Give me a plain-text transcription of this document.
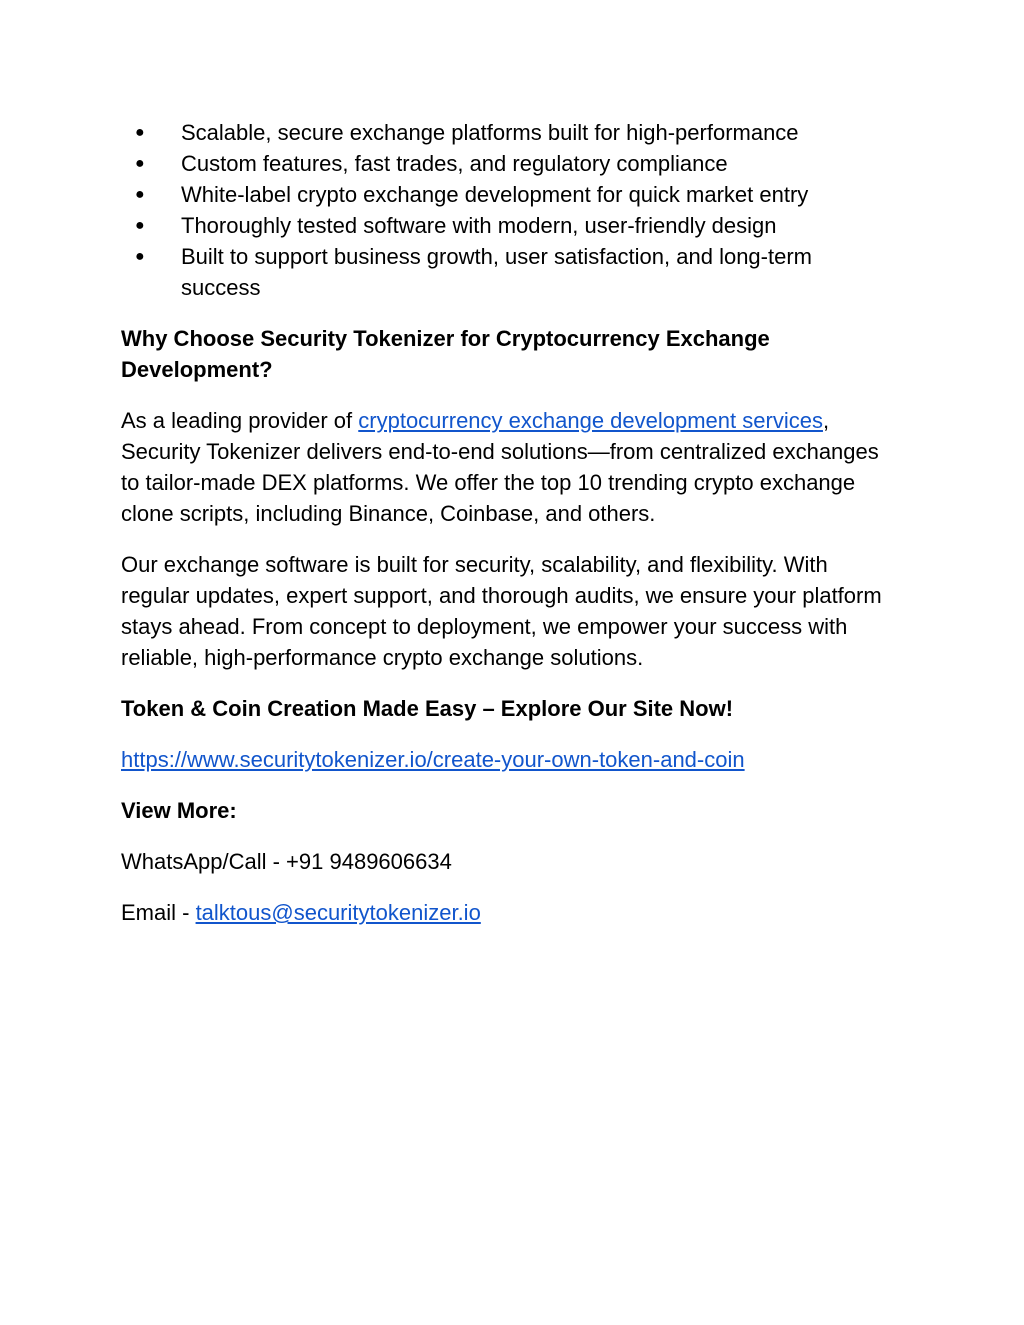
● Scalable, secure exchange platforms built for high-performance
● Custom features, fast trades, and regulatory compliance
● White-label crypto exchange development for quick market entry
● Thoroughly tested software with modern, user-friendly design
● Built to support business growth, user satisfaction, and long-term success
Why Choose Security Tokenizer for Cryptocurrency Exchange Development?

As a leading provider of cryptocurrency exchange development services, Security Tokenizer delivers end-to-end solutions—from centralized exchanges to tailor-made DEX platforms. We offer the top 10 trending crypto exchange clone scripts, including Binance, Coinbase, and others.

Our exchange software is built for security, scalability, and flexibility. With regular updates, expert support, and thorough audits, we ensure your platform stays ahead. From concept to deployment, we empower your success with reliable, high-performance crypto exchange solutions.

Token & Coin Creation Made Easy – Explore Our Site Now!

https://www.securitytokenizer.io/create-your-own-token-and-coin

View More:

WhatsApp/Call - +91 9489606634

Email - talktous@securitytokenizer.io
